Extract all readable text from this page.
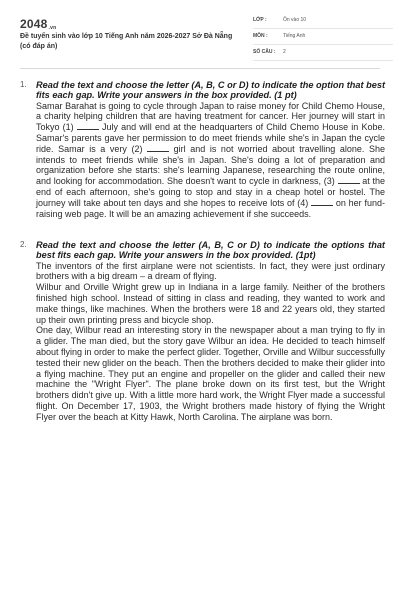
2048.vn
Đề tuyển sinh vào lớp 10 Tiếng Anh năm 2026-2027 Sở Đà Nẵng (có đáp án)
LỚP :	Ôn vào 10
MÔN :	Tiếng Anh
SỐ CÂU : 2
1. Read the text and choose the letter (A, B, C or D) to indicate the option that best fits each gap. Write your answers in the box provided. (1 pt)

Samar Barahat is going to cycle through Japan to raise money for Child Chemo House, a charity helping children that are having treatment for cancer. Her journey will start in Tokyo (1)	July and will end at the headquarters of Child Chemo House in Kobe. Samar's parents gave her permission to do meet friends while she's in Japan the cycle ride. Samar is a very (2)	girl and is not worried about travelling alone. She intends to meet friends while she's in Japan. She's doing a lot of preparation and organization before she starts: she's learning Japanese, researching the route online, and looking for accommodation. She doesn't want to cycle in darkness, (3)	at the end of each afternoon, she's going to stop and stay in a cheap hotel or hostel. The journey will take about ten days and she hopes to receive lots of (4)	on her fund-raising web page. It will be an amazing achievement if she succeeds.

2. Read the text and choose the letter (A, B, C or D) to indicate the options that best fits each gap. Write your answers in the box provided. (1pt)

The inventors of the first airplane were not scientists. In fact, they were just ordinary brothers with a big dream – a dream of flying.

Wilbur and Orville Wright grew up in Indiana in a large family. Neither of the brothers finished high school. Instead of sitting in class and reading, they wanted to work and make things, like machines. When the brothers were 18 and 22 years old, they started up their own printing press and bicycle shop.

One day, Wilbur read an interesting story in the newspaper about a man trying to fly in a glider. The man died, but the story gave Wilbur an idea. He decided to teach himself about flying in order to make the perfect glider. Together, Orville and Wilbur successfully tested their new glider on the beach. Then the brothers decided to make their glider into a flying machine. They put an engine and propeller on the glider and called their new machine the "Wright Flyer". The plane broke down on its first test, but the Wright brothers didn't give up. With a little more hard work, the Wright Flyer made a successful flight. On December 17, 1903, the Wright brothers made history of flying the Wright Flyer over the beach at Kitty Hawk, North Carolina. The airplane was born.
